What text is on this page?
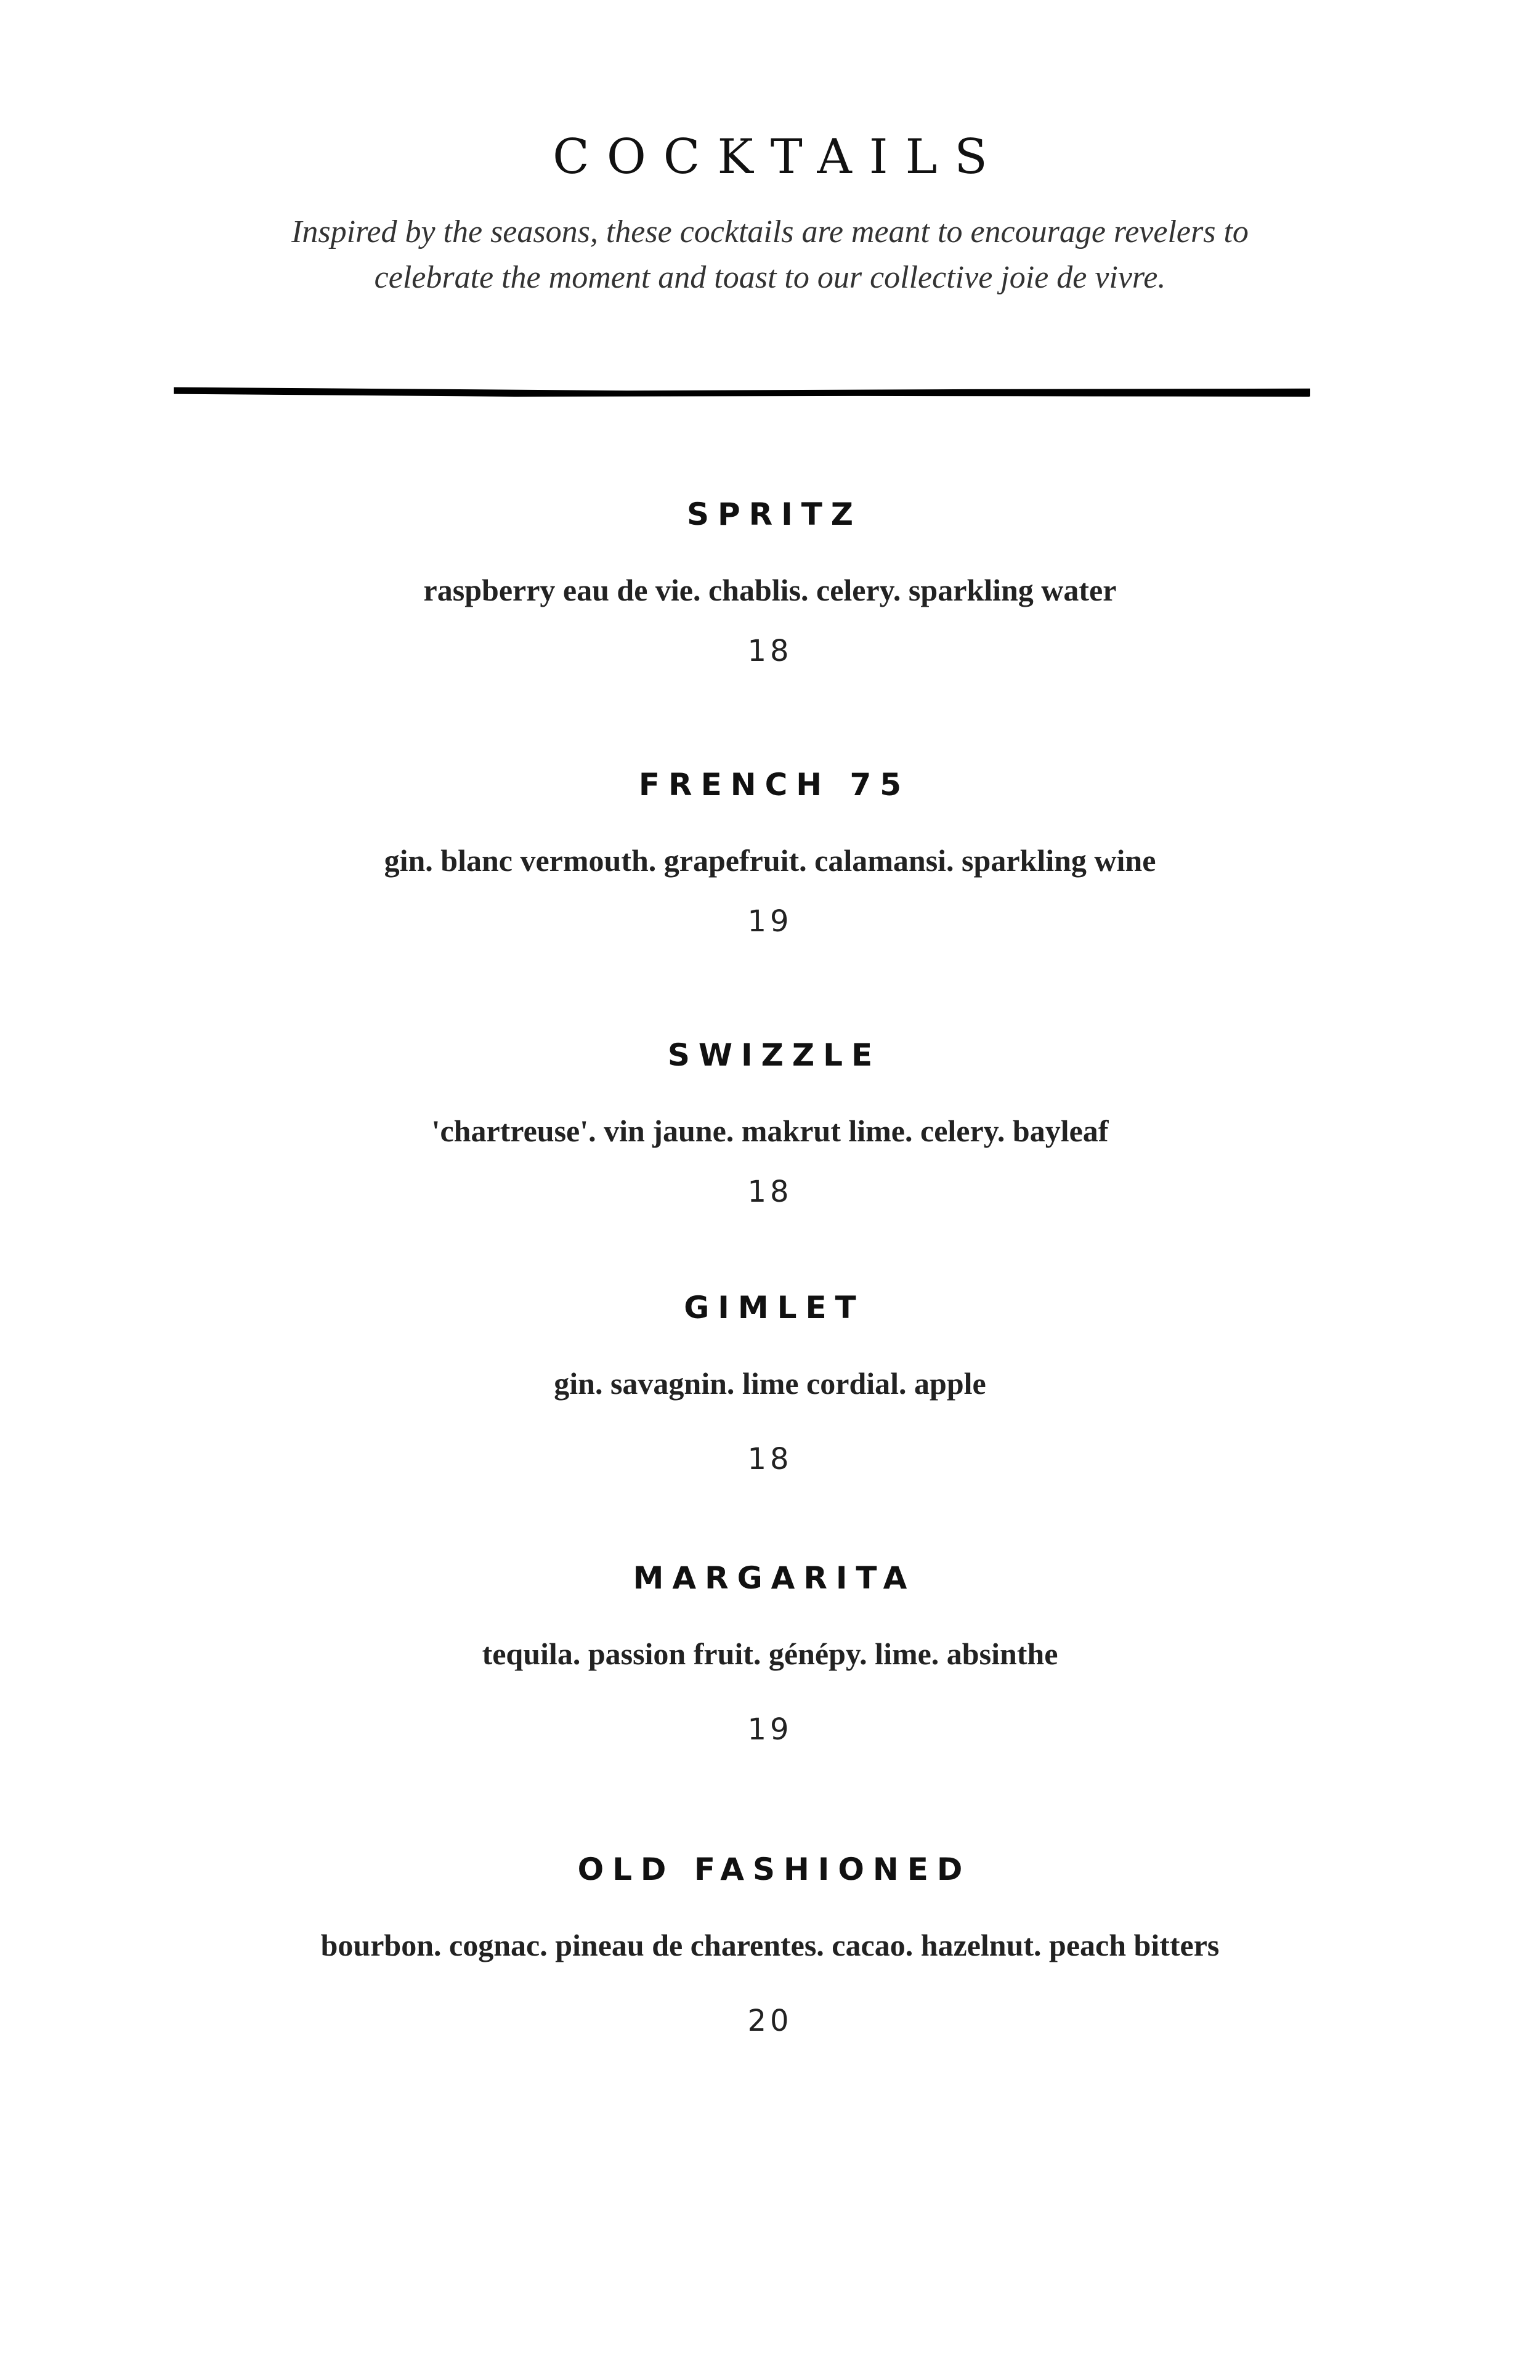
COCKTAILS
Inspired by the seasons, these cocktails are meant to encourage revelers to celebrate the moment and toast to our collective joie de vivre.

SPRITZ

raspberry eau de vie. chablis. celery. sparkling water

18

FRENCH 75

gin. blanc vermouth. grapefruit. calamansi. sparkling wine

19

SWIZZLE

'chartreuse'. vin jaune. makrut lime. celery. bayleaf

18

GIMLET

gin. savagnin. lime cordial. apple

18

MARGARITA

tequila. passion fruit. génépy. lime. absinthe

19

OLD FASHIONED

bourbon. cognac. pineau de charentes. cacao. hazelnut. peach bitters

20
